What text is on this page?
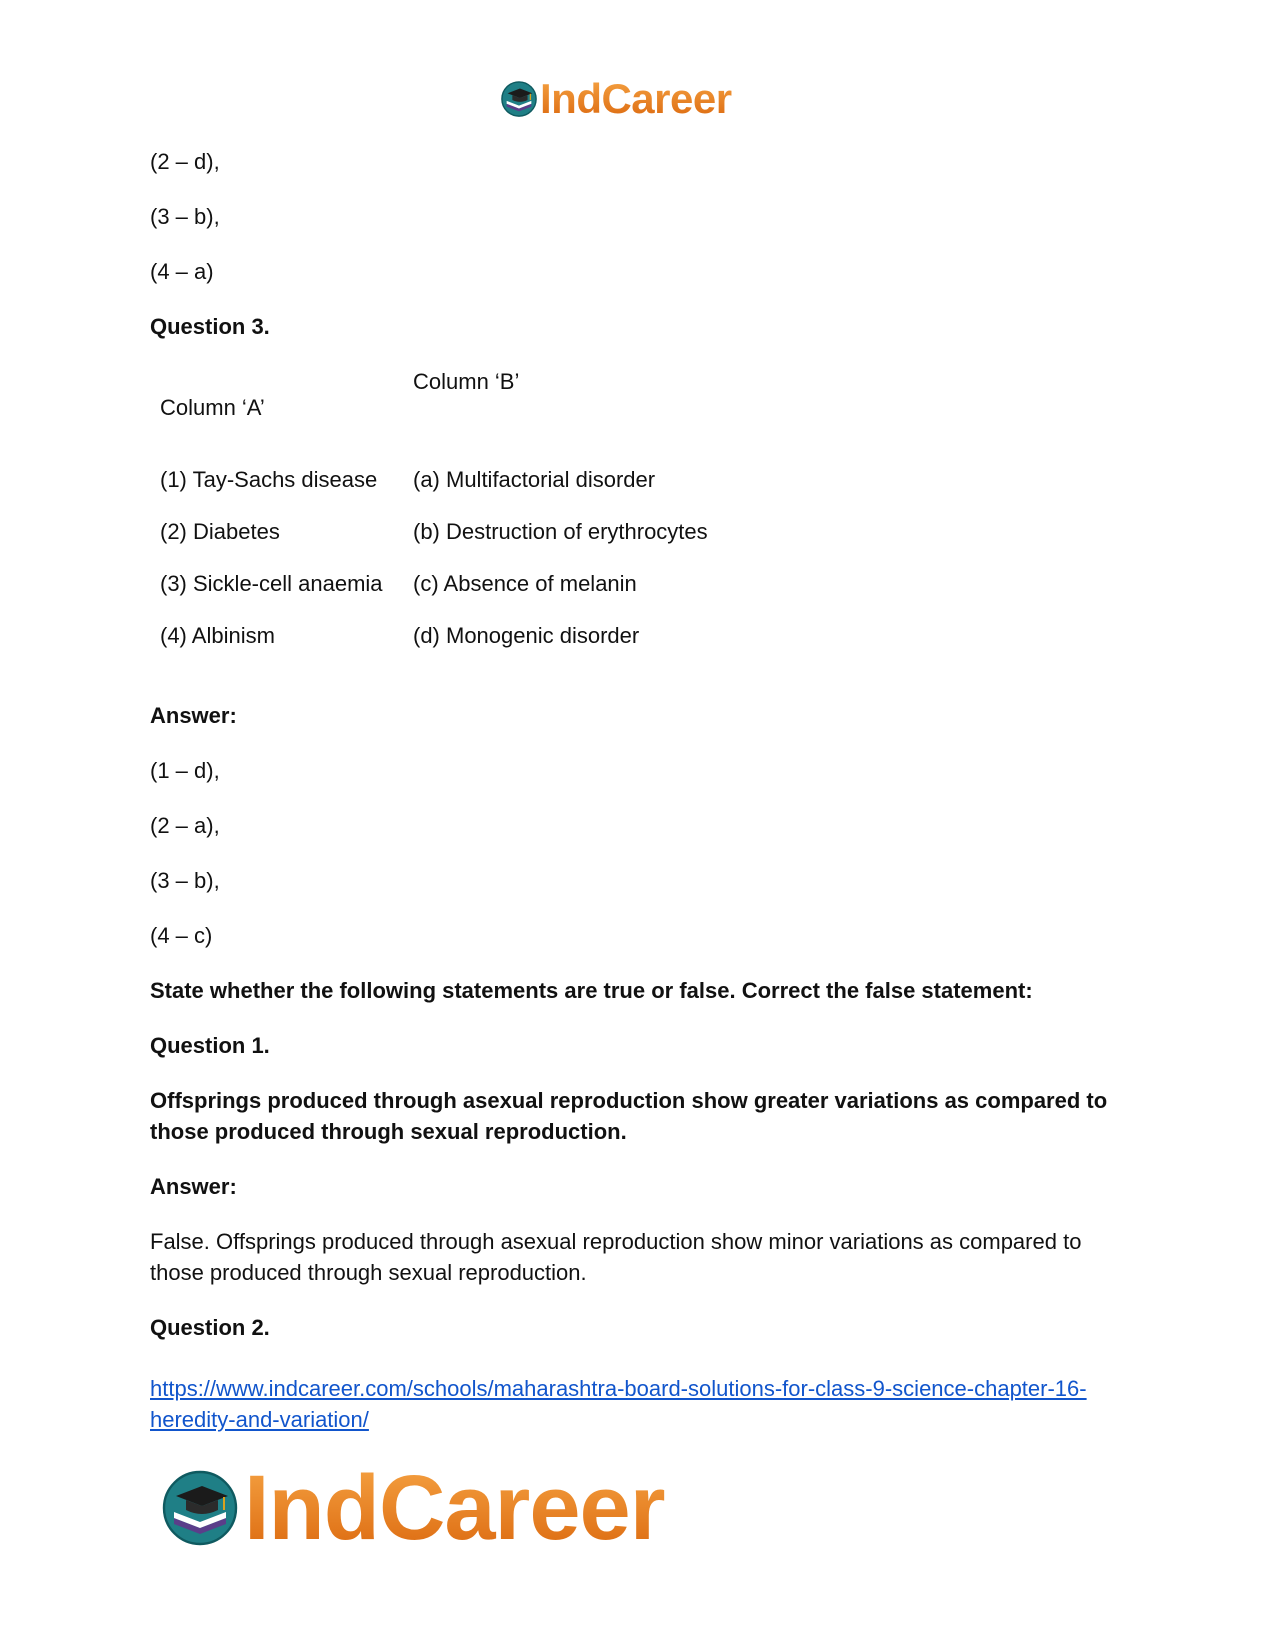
IndCareer

(2 – d),

(3 – b),

(4 – a)

Question 3.

Column ‘A’	Column ‘B’

(1) Tay-Sachs disease	(a) Multifactorial disorder
(2) Diabetes	(b) Destruction of erythrocytes
(3) Sickle-cell anaemia	(c) Absence of melanin
(4) Albinism	(d) Monogenic disorder

Answer:

(1 – d),

(2 – a),

(3 – b),

(4 – c)

State whether the following statements are true or false. Correct the false statement:

Question 1.

Offsprings produced through asexual reproduction show greater variations as compared to those produced through sexual reproduction.

Answer:

False. Offsprings produced through asexual reproduction show minor variations as compared to those produced through sexual reproduction.

Question 2.

https://www.indcareer.com/schools/maharashtra-board-solutions-for-class-9-science-chapter-16-heredity-and-variation/

IndCareer
